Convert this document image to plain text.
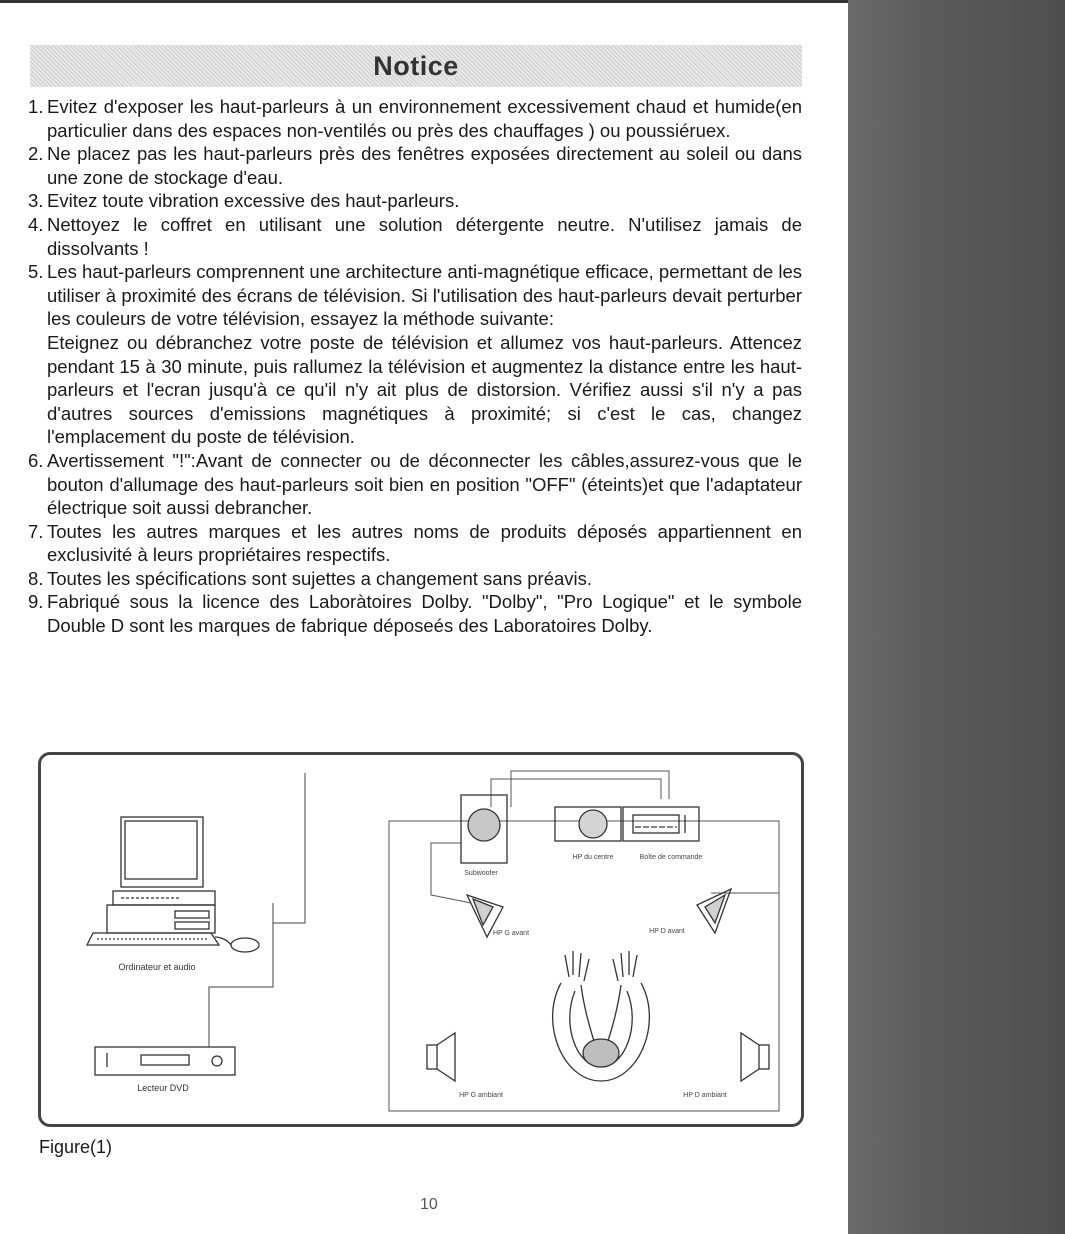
Notice
1. Evitez d'exposer les haut-parleurs à un environnement excessivement chaud et humide(en particulier dans des espaces non-ventilés ou près des chauffages ) ou poussiéruex.
2. Ne placez pas les haut-parleurs près des fenêtres exposées directement au soleil ou dans une zone de stockage d'eau.
3. Evitez toute vibration excessive des haut-parleurs.
4. Nettoyez le coffret en utilisant une solution détergente neutre. N'utilisez jamais de dissolvants !
5. Les haut-parleurs comprennent une architecture anti-magnétique efficace, permettant de les utiliser à proximité des écrans de télévision. Si l'utilisation des haut-parleurs devait perturber les couleurs de votre télévision, essayez la méthode suivante:
Eteignez ou débranchez votre poste de télévision et allumez vos haut-parleurs. Attencez pendant 15 à 30 minute, puis rallumez la télévision et augmentez la distance entre les haut-parleurs et l'ecran jusqu'à ce qu'il n'y ait plus de distorsion. Vérifiez aussi s'il n'y a pas d'autres sources d'emissions magnétiques à proximité; si c'est le cas, changez l'emplacement du poste de télévision.
6. Avertissement "!":Avant de connecter ou de déconnecter les câbles,assurez-vous que le bouton d'allumage des haut-parleurs soit bien en position "OFF" (éteints)et que l'adaptateur électrique soit aussi debrancher.
7. Toutes les autres marques et les autres noms de produits déposés appartiennent en exclusivité à leurs propriétaires respectifs.
8. Toutes les spécifications sont sujettes a changement sans préavis.
9. Fabriqué sous la licence des Laboràtoires Dolby. "Dolby", "Pro Logique" et le symbole Double D sont les marques de fabrique déposeés des Laboratoires Dolby.
Ordinateur et audio
Lecteur DVD
Subwoofer
HP du centre	Boîte de commande
HP G avant	HP D avant
HP G ambiant	HP D ambiant
Figure(1)
10
